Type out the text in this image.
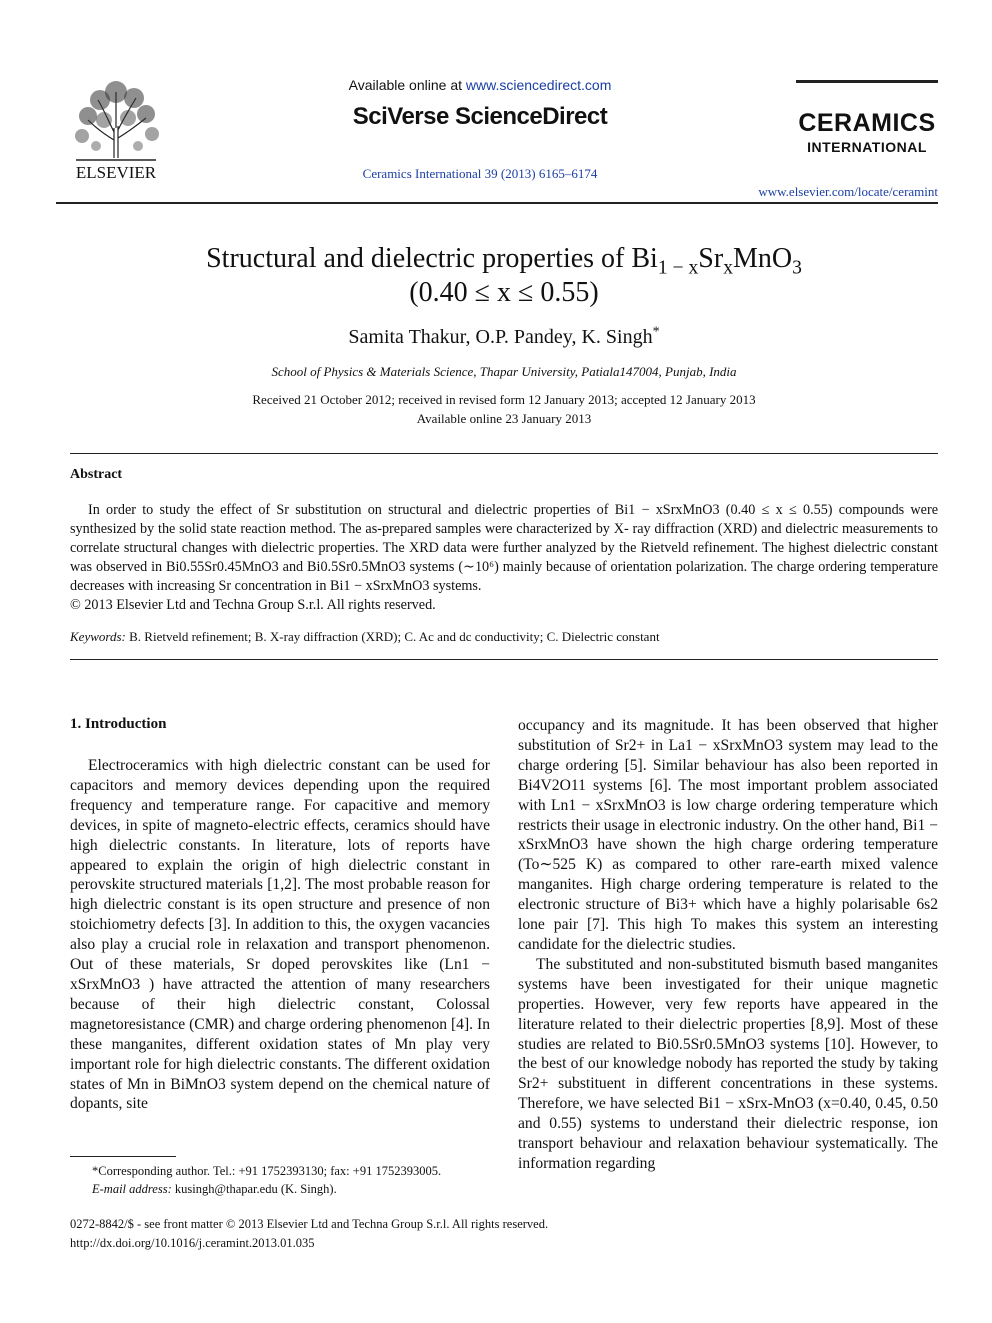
ELSEVIER
Available online at www.sciencedirect.com
SciVerse ScienceDirect
Ceramics International 39 (2013) 6165–6174
CERAMICS
INTERNATIONAL
www.elsevier.com/locate/ceramint
Structural and dielectric properties of $Bi_{1 - x}Sr_xMnO_3$
(0.40 ≤ x ≤ 0.55)
Samita Thakur, O.P. Pandey, K. Singh*
School of Physics & Materials Science, Thapar University, Patiala147004, Punjab, India
Received 21 October 2012; received in revised form 12 January 2013; accepted 12 January 2013
Available online 23 January 2013
Abstract

In order to study the effect of Sr substitution on structural and dielectric properties of Bi1 − xSrxMnO3 (0.40 ≤ x ≤ 0.55) compounds were synthesized by the solid state reaction method. The as-prepared samples were characterized by X- ray diffraction (XRD) and dielectric measurements to correlate structural changes with dielectric properties. The XRD data were further analyzed by the Rietveld refinement. The highest dielectric constant was observed in Bi0.55Sr0.45MnO3 and Bi0.5Sr0.5MnO3 systems (∼10⁶) mainly because of orientation polarization. The charge ordering temperature decreases with increasing Sr concentration in Bi1 − xSrxMnO3 systems.

© 2013 Elsevier Ltd and Techna Group S.r.l. All rights reserved.
Keywords: B. Rietveld refinement; B. X-ray diffraction (XRD); C. Ac and dc conductivity; C. Dielectric constant
1. Introduction

Electroceramics with high dielectric constant can be used for capacitors and memory devices depending upon the required frequency and temperature range. For capacitive and memory devices, in spite of magneto-electric effects, ceramics should have high dielectric constants. In literature, lots of reports have appeared to explain the origin of high dielectric constant in perovskite structured materials [1,2]. The most probable reason for high dielectric constant is its open structure and presence of non stoichiometry defects [3]. In addition to this, the oxygen vacancies also play a crucial role in relaxation and transport phenomenon. Out of these materials, Sr doped perovskites like (Ln1 − xSrxMnO3 ) have attracted the attention of many researchers because of their high dielectric constant, Colossal magnetoresistance (CMR) and charge ordering phenomenon [4]. In these manganites, different oxidation states of Mn play very important role for high dielectric constants. The different oxidation states of Mn in BiMnO3 system depend on the chemical nature of dopants, site

occupancy and its magnitude. It has been observed that higher substitution of Sr2+ in La1 − xSrxMnO3 system may lead to the charge ordering [5]. Similar behaviour has also been reported in Bi4V2O11 systems [6]. The most important problem associated with Ln1 − xSrxMnO3 is low charge ordering temperature which restricts their usage in electronic industry. On the other hand, Bi1 − xSrxMnO3 have shown the high charge ordering temperature (To∼525 K) as compared to other rare-earth mixed valence manganites. High charge ordering temperature is related to the electronic structure of Bi3+ which have a highly polarisable 6s2 lone pair [7]. This high To makes this system an interesting candidate for the dielectric studies.

The substituted and non-substituted bismuth based manganites systems have been investigated for their unique magnetic properties. However, very few reports have appeared in the literature related to their dielectric properties [8,9]. Most of these studies are related to Bi0.5Sr0.5MnO3 systems [10]. However, to the best of our knowledge nobody has reported the study by taking Sr2+ substituent in different concentrations in these systems. Therefore, we have selected Bi1 − xSrx-MnO3 (x=0.40, 0.45, 0.50 and 0.55) systems to understand their dielectric response, ion transport behaviour and relaxation behaviour systematically. The information regarding

*Corresponding author. Tel.: +91 1752393130; fax: +91 1752393005.

E-mail address: kusingh@thapar.edu (K. Singh).

0272-8842/$ - see front matter © 2013 Elsevier Ltd and Techna Group S.r.l. All rights reserved.
http://dx.doi.org/10.1016/j.ceramint.2013.01.035
